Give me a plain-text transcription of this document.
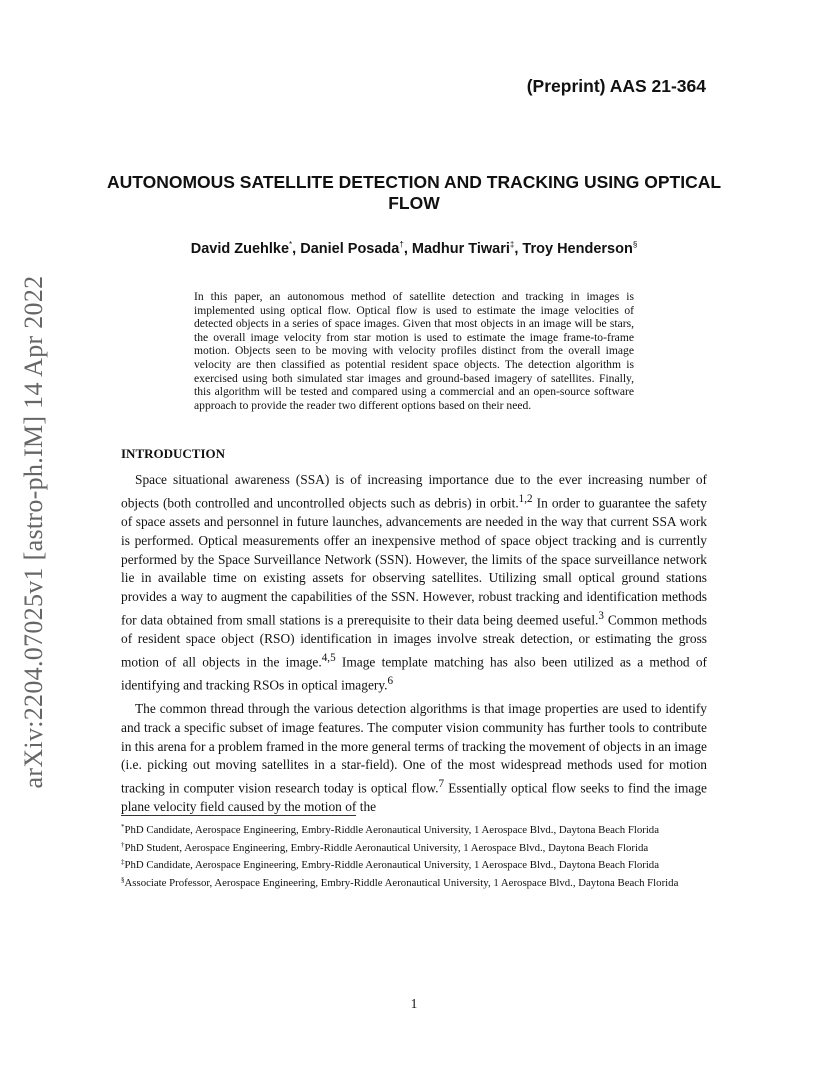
(Preprint) AAS 21-364
arXiv:2204.07025v1 [astro-ph.IM] 14 Apr 2022
AUTONOMOUS SATELLITE DETECTION AND TRACKING USING OPTICAL FLOW
David Zuehlke*, Daniel Posada†, Madhur Tiwari‡, Troy Henderson§
In this paper, an autonomous method of satellite detection and tracking in images is implemented using optical flow. Optical flow is used to estimate the image velocities of detected objects in a series of space images. Given that most objects in an image will be stars, the overall image velocity from star motion is used to estimate the image frame-to-frame motion. Objects seen to be moving with velocity profiles distinct from the overall image velocity are then classified as potential resident space objects. The detection algorithm is exercised using both simulated star images and ground-based imagery of satellites. Finally, this algorithm will be tested and compared using a commercial and an open-source software approach to provide the reader two different options based on their need.
INTRODUCTION

Space situational awareness (SSA) is of increasing importance due to the ever increasing number of objects (both controlled and uncontrolled objects such as debris) in orbit.$^{1,2}$ In order to guarantee the safety of space assets and personnel in future launches, advancements are needed in the way that current SSA work is performed. Optical measurements offer an inexpensive method of space object tracking and is currently performed by the Space Surveillance Network (SSN). However, the limits of the space surveillance network lie in available time on existing assets for observing satellites. Utilizing small optical ground stations provides a way to augment the capabilities of the SSN. However, robust tracking and identification methods for data obtained from small stations is a prerequisite to their data being deemed useful.$^3$ Common methods of resident space object (RSO) identification in images involve streak detection, or estimating the gross motion of all objects in the image.$^{4,5}$ Image template matching has also been utilized as a method of identifying and tracking RSOs in optical imagery.$^6$

The common thread through the various detection algorithms is that image properties are used to identify and track a specific subset of image features. The computer vision community has further tools to contribute in this arena for a problem framed in the more general terms of tracking the movement of objects in an image (i.e. picking out moving satellites in a star-field). One of the most widespread methods used for motion tracking in computer vision research today is optical flow.$^7$ Essentially optical flow seeks to find the image plane velocity field caused by the motion of the

*PhD Candidate, Aerospace Engineering, Embry-Riddle Aeronautical University, 1 Aerospace Blvd., Daytona Beach Florida
†PhD Student, Aerospace Engineering, Embry-Riddle Aeronautical University, 1 Aerospace Blvd., Daytona Beach Florida
‡PhD Candidate, Aerospace Engineering, Embry-Riddle Aeronautical University, 1 Aerospace Blvd., Daytona Beach Florida
§Associate Professor, Aerospace Engineering, Embry-Riddle Aeronautical University, 1 Aerospace Blvd., Daytona Beach Florida
1
